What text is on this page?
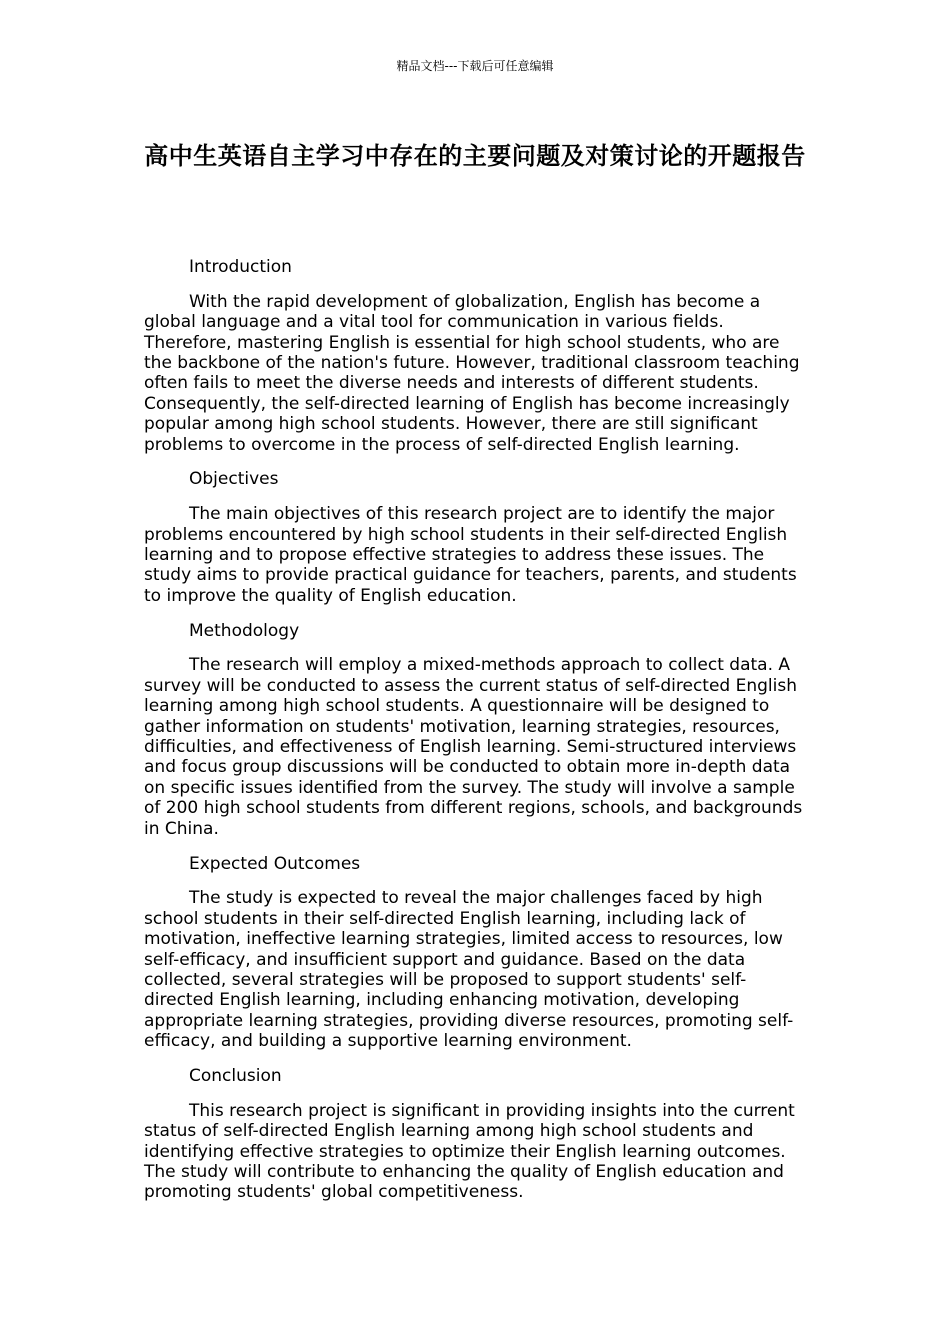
精品文档---下载后可任意编辑
高中生英语自主学习中存在的主要问题及对策讨论的开题报告

Introduction

With the rapid development of globalization, English has become a global language and a vital tool for communication in various fields. Therefore, mastering English is essential for high school students, who are the backbone of the nation's future. However, traditional classroom teaching often fails to meet the diverse needs and interests of different students. Consequently, the self-directed learning of English has become increasingly popular among high school students. However, there are still significant problems to overcome in the process of self-directed English learning.

Objectives

The main objectives of this research project are to identify the major problems encountered by high school students in their self-directed English learning and to propose effective strategies to address these issues. The study aims to provide practical guidance for teachers, parents, and students to improve the quality of English education.

Methodology

The research will employ a mixed-methods approach to collect data. A survey will be conducted to assess the current status of self-directed English learning among high school students. A questionnaire will be designed to gather information on students' motivation, learning strategies, resources, difficulties, and effectiveness of English learning. Semi-structured interviews and focus group discussions will be conducted to obtain more in-depth data on specific issues identified from the survey. The study will involve a sample of 200 high school students from different regions, schools, and backgrounds in China.

Expected Outcomes

The study is expected to reveal the major challenges faced by high school students in their self-directed English learning, including lack of motivation, ineffective learning strategies, limited access to resources, low self-efficacy, and insufficient support and guidance. Based on the data collected, several strategies will be proposed to support students' self-directed English learning, including enhancing motivation, developing appropriate learning strategies, providing diverse resources, promoting self-efficacy, and building a supportive learning environment.

Conclusion

This research project is significant in providing insights into the current status of self-directed English learning among high school students and identifying effective strategies to optimize their English learning outcomes. The study will contribute to enhancing the quality of English education and promoting students' global competitiveness.
